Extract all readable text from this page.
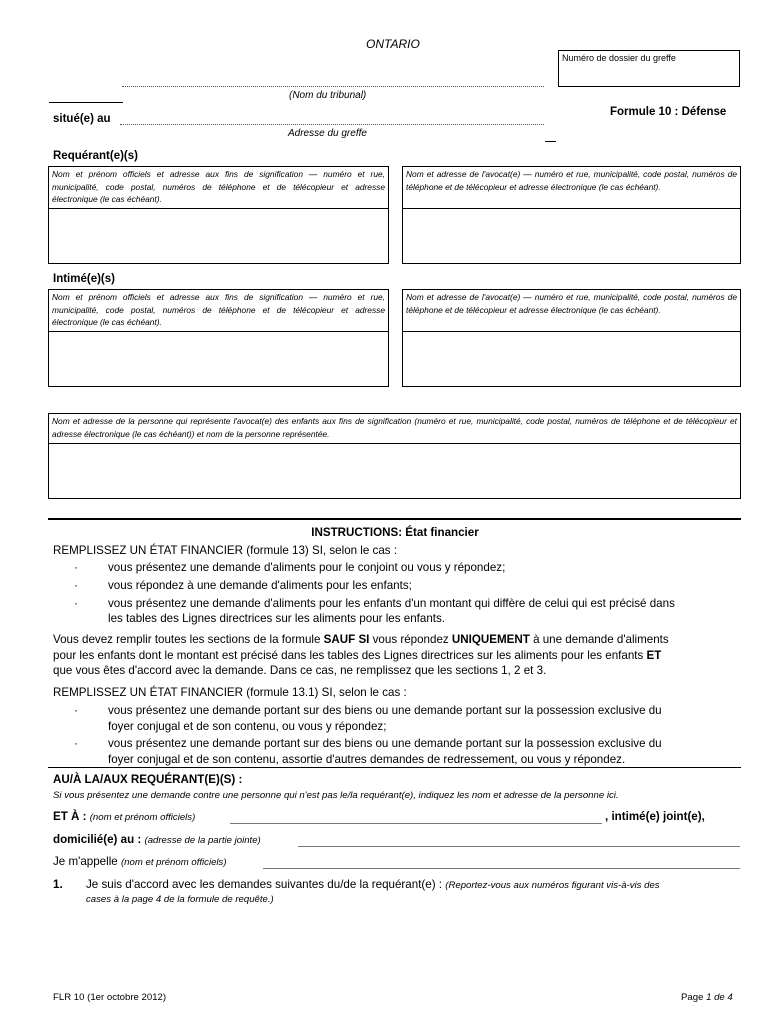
ONTARIO
Numéro de dossier du greffe
(Nom du tribunal)
situé(e) au
Adresse du greffe
Formule 10 : Défense
Requérant(e)(s)
Nom et prénom officiels et adresse aux fins de signification — numéro et rue, municipalité, code postal, numéros de téléphone et de télécopieur et adresse électronique (le cas échéant).
Nom et adresse de l'avocat(e) — numéro et rue, municipalité, code postal, numéros de téléphone et de télécopieur et adresse électronique (le cas échéant).
Intimé(e)(s)
Nom et prénom officiels et adresse aux fins de signification — numéro et rue, municipalité, code postal, numéros de téléphone et de télécopieur et adresse électronique (le cas échéant).
Nom et adresse de l'avocat(e) — numéro et rue, municipalité, code postal, numéros de téléphone et de télécopieur et adresse électronique (le cas échéant).
Nom et adresse de la personne qui représente l'avocat(e) des enfants aux fins de signification (numéro et rue, municipalité, code postal, numéros de téléphone et de télécopieur et adresse électronique (le cas échéant)) et nom de la personne représentée.
INSTRUCTIONS: État financier
REMPLISSEZ UN ÉTAT FINANCIER (formule 13) SI, selon le cas :
·	vous présentez une demande d'aliments pour le conjoint ou vous y répondez;
·	vous répondez à une demande d'aliments pour les enfants;
·	vous présentez une demande d'aliments pour les enfants d'un montant qui diffère de celui qui est précisé dans
les tables des Lignes directrices sur les aliments pour les enfants.
Vous devez remplir toutes les sections de la formule SAUF SI vous répondez UNIQUEMENT à une demande d'aliments
pour les enfants dont le montant est précisé dans les tables des Lignes directrices sur les aliments pour les enfants ET
que vous êtes d'accord avec la demande. Dans ce cas, ne remplissez que les sections 1, 2 et 3.
REMPLISSEZ UN ÉTAT FINANCIER (formule 13.1) SI, selon le cas :
·	vous présentez une demande portant sur des biens ou une demande portant sur la possession exclusive du
foyer conjugal et de son contenu, ou vous y répondez;
·	vous présentez une demande portant sur des biens ou une demande portant sur la possession exclusive du
foyer conjugal et de son contenu, assortie d'autres demandes de redressement, ou vous y répondez.
AU/À LA/AUX REQUÉRANT(E)(S) :
Si vous présentez une demande contre une personne qui n'est pas le/la requérant(e), indiquez les nom et adresse de la personne ici.
ET À : (nom et prénom officiels)	, intimé(e) joint(e),
domicilié(e) au : (adresse de la partie jointe)
Je m'appelle (nom et prénom officiels)
1. Je suis d'accord avec les demandes suivantes du/de la requérant(e) : (Reportez-vous aux numéros figurant vis-à-vis des
cases à la page 4 de la formule de requête.)
FLR 10 (1er octobre 2012)	Page 1 de 4
